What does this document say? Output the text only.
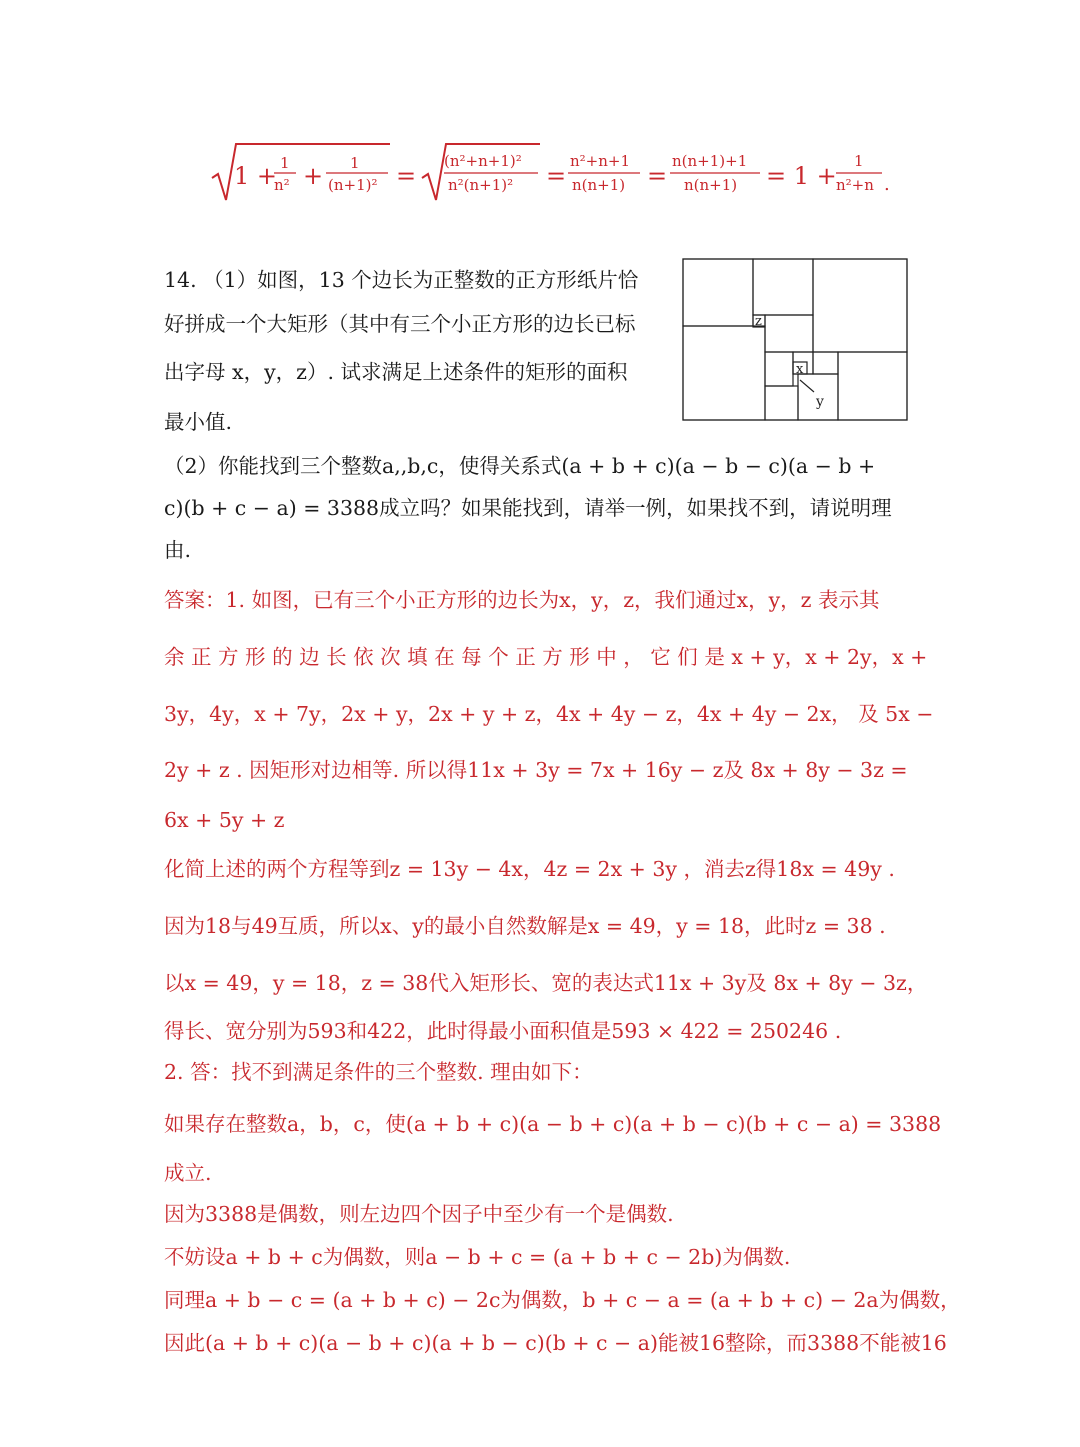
1 + 1
n² + 1
(n+1)² =
(n²+n+1)²
n²(n+1)² =
n²+n+1
n(n+1) =
n(n+1)+1
n(n+1) = 1 +
1
n²+n .
14. （1）如图，13 个边长为正整数的正方形纸片恰
好拼成一个大矩形（其中有三个小正方形的边长已标
出字母 x，y，z）. 试求满足上述条件的矩形的面积
最小值.
（2）你能找到三个整数a,,b,c，使得关系式(a + b + c)(a − b − c)(a − b +
c)(b + c − a) = 3388成立吗？如果能找到，请举一例，如果找不到，请说明理
由.
z
x
y
答案：1. 如图，已有三个小正方形的边长为x，y，z，我们通过x，y，z 表示其
余 正 方 形 的 边 长 依 次 填 在 每 个 正 方 形 中 ， 它 们 是 x + y，x + 2y，x +
3y，4y，x + 7y，2x + y，2x + y + z，4x + 4y − z，4x + 4y − 2x， 及 5x −
2y + z . 因矩形对边相等. 所以得11x + 3y = 7x + 16y − z及 8x + 8y − 3z =
6x + 5y + z
化简上述的两个方程等到z = 13y − 4x，4z = 2x + 3y ，消去z得18x = 49y .
因为18与49互质，所以x、y的最小自然数解是x = 49，y = 18，此时z = 38 .
以x = 49，y = 18，z = 38代入矩形长、宽的表达式11x + 3y及 8x + 8y − 3z，
得长、宽分别为593和422，此时得最小面积值是593 × 422 = 250246 .
2. 答：找不到满足条件的三个整数. 理由如下：
如果存在整数a，b，c，使(a + b + c)(a − b + c)(a + b − c)(b + c − a) = 3388
成立.
因为3388是偶数，则左边四个因子中至少有一个是偶数.
不妨设a + b + c为偶数，则a − b + c = (a + b + c − 2b)为偶数.
同理a + b − c = (a + b + c) − 2c为偶数，b + c − a = (a + b + c) − 2a为偶数，
因此(a + b + c)(a − b + c)(a + b − c)(b + c − a)能被16整除，而3388不能被16
√(1 + 1/n² + 1/(n+1)²) = √((n²+n+1)²/(n²(n+1)²)) = (n²+n+1)/(n(n+1)) = (n(n+1)+1)/(n(n+1)) = 1 + 1/(n²+n).
